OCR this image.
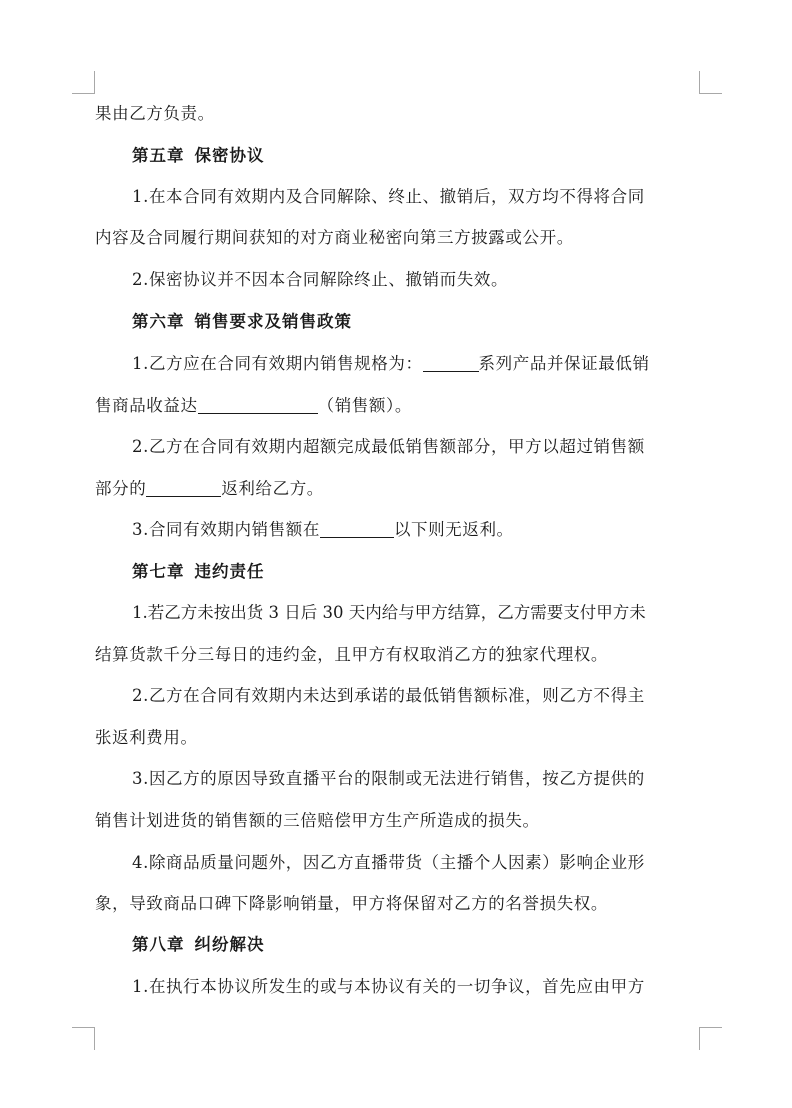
果由乙方负责。
第五章 保密协议
1.在本合同有效期内及合同解除、终止、撤销后，双方均不得将合同
内容及合同履行期间获知的对方商业秘密向第三方披露或公开。
2.保密协议并不因本合同解除终止、撤销而失效。
第六章 销售要求及销售政策
1.乙方应在合同有效期内销售规格为：	系列产品并保证最低销
售商品收益达	（销售额）。
2.乙方在合同有效期内超额完成最低销售额部分，甲方以超过销售额
部分的	返利给乙方。
3.合同有效期内销售额在	以下则无返利。
第七章 违约责任
1.若乙方未按出货 3 日后 30 天内给与甲方结算，乙方需要支付甲方未
结算货款千分三每日的违约金，且甲方有权取消乙方的独家代理权。
2.乙方在合同有效期内未达到承诺的最低销售额标准，则乙方不得主
张返利费用。
3.因乙方的原因导致直播平台的限制或无法进行销售，按乙方提供的
销售计划进货的销售额的三倍赔偿甲方生产所造成的损失。
4.除商品质量问题外，因乙方直播带货（主播个人因素）影响企业形
象，导致商品口碑下降影响销量，甲方将保留对乙方的名誉损失权。
第八章 纠纷解决
1.在执行本协议所发生的或与本协议有关的一切争议，首先应由甲方
